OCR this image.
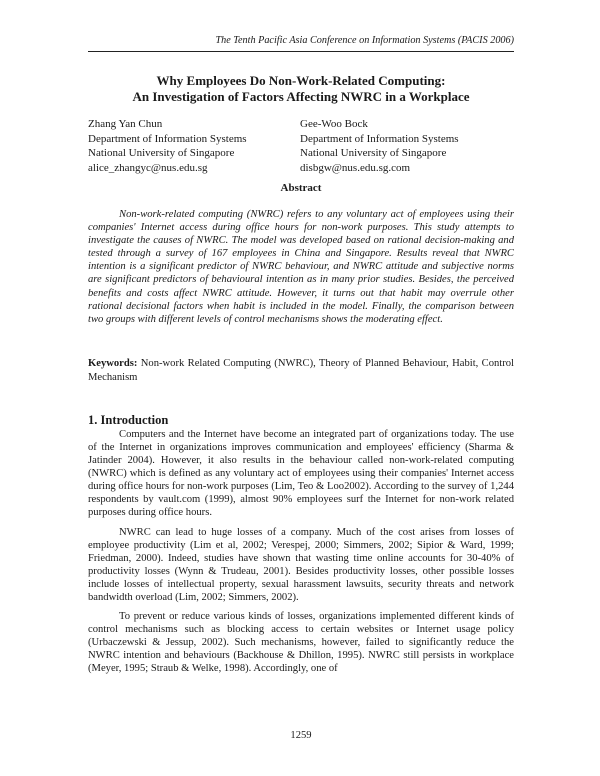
The Tenth Pacific Asia Conference on Information Systems (PACIS 2006)
Why Employees Do Non-Work-Related Computing:
An Investigation of Factors Affecting NWRC in a Workplace
Zhang Yan Chun
Department of Information Systems
National University of Singapore
alice_zhangyc@nus.edu.sg
Gee-Woo Bock
Department of Information Systems
National University of Singapore
disbgw@nus.edu.sg.com
Abstract

Non-work-related computing (NWRC) refers to any voluntary act of employees using their companies' Internet access during office hours for non-work purposes. This study attempts to investigate the causes of NWRC. The model was developed based on rational decision-making and tested through a survey of 167 employees in China and Singapore. Results reveal that NWRC intention is a significant predictor of NWRC behaviour, and NWRC attitude and subjective norms are significant predictors of behavioural intention as in many prior studies. Besides, the perceived benefits and costs affect NWRC attitude. However, it turns out that habit may overrule other rational decisional factors when habit is included in the model. Finally, the comparison between two groups with different levels of control mechanisms shows the moderating effect.

Keywords: Non-work Related Computing (NWRC), Theory of Planned Behaviour, Habit, Control Mechanism

1. Introduction

Computers and the Internet have become an integrated part of organizations today. The use of the Internet in organizations improves communication and employees' efficiency (Sharma & Jatinder 2004). However, it also results in the behaviour called non-work-related computing (NWRC) which is defined as any voluntary act of employees using their companies' Internet access during office hours for non-work purposes (Lim, Teo & Loo2002). According to the survey of 1,244 respondents by vault.com (1999), almost 90% employees surf the Internet for non-work related purposes during office hours.

NWRC can lead to huge losses of a company. Much of the cost arises from losses of employee productivity (Lim et al, 2002; Verespej, 2000; Simmers, 2002; Sipior & Ward, 1999; Friedman, 2000). Indeed, studies have shown that wasting time online accounts for 30-40% of productivity losses (Wynn & Trudeau, 2001). Besides productivity losses, other possible losses include losses of intellectual property, sexual harassment lawsuits, security threats and network bandwidth overload (Lim, 2002; Simmers, 2002).

To prevent or reduce various kinds of losses, organizations implemented different kinds of control mechanisms such as blocking access to certain websites or Internet usage policy (Urbaczewski & Jessup, 2002). Such mechanisms, however, failed to significantly reduce the NWRC intention and behaviours (Backhouse & Dhillon, 1995). NWRC still persists in workplace (Meyer, 1995; Straub & Welke, 1998). Accordingly, one of

1259
